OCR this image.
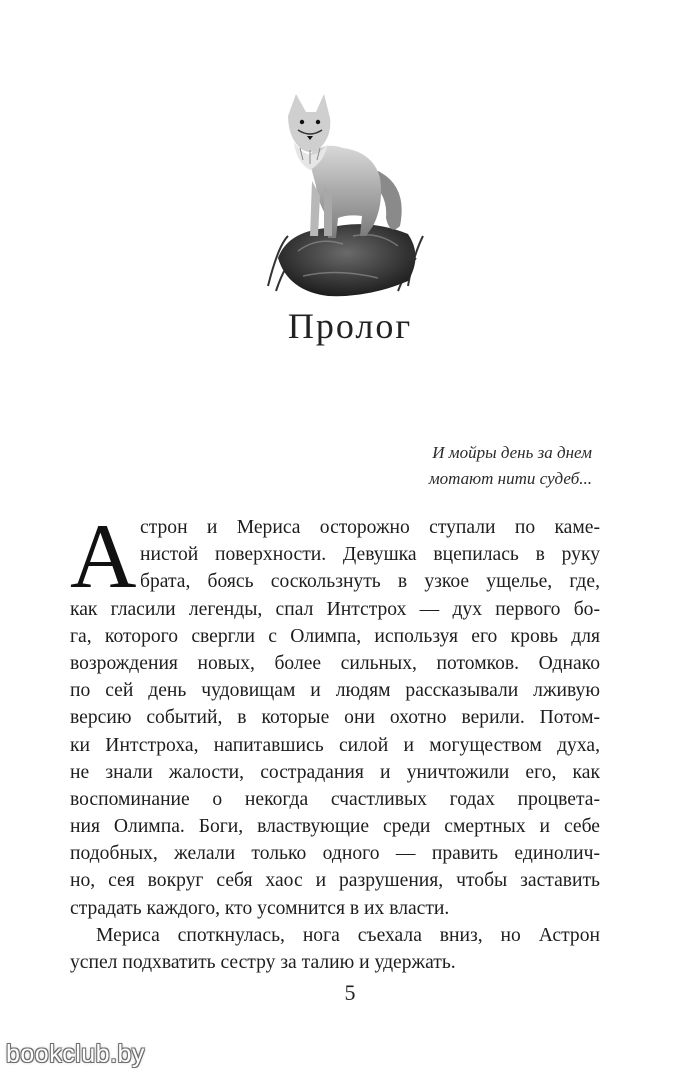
Пролог
И мойры день за днем
мотают нити судеб...
А строн и Мериса осторожно ступали по каме-
нистой поверхности. Девушка вцепилась в руку
брата, боясь соскользнуть в узкое ущелье, где,
как гласили легенды, спал Интстрох — дух первого бо-
га, которого свергли с Олимпа, используя его кровь для
возрождения новых, более сильных, потомков. Однако
по сей день чудовищам и людям рассказывали лживую
версию событий, в которые они охотно верили. Потом-
ки Интстроха, напитавшись силой и могуществом духа,
не знали жалости, сострадания и уничтожили его, как
воспоминание о некогда счастливых годах процвета-
ния Олимпа. Боги, властвующие среди смертных и себе
подобных, желали только одного — править единолич-
но, сея вокруг себя хаос и разрушения, чтобы заставить
страдать каждого, кто усомнится в их власти.
Мериса споткнулась, нога съехала вниз, но Астрон
успел подхватить сестру за талию и удержать.
5
bookclub.by
